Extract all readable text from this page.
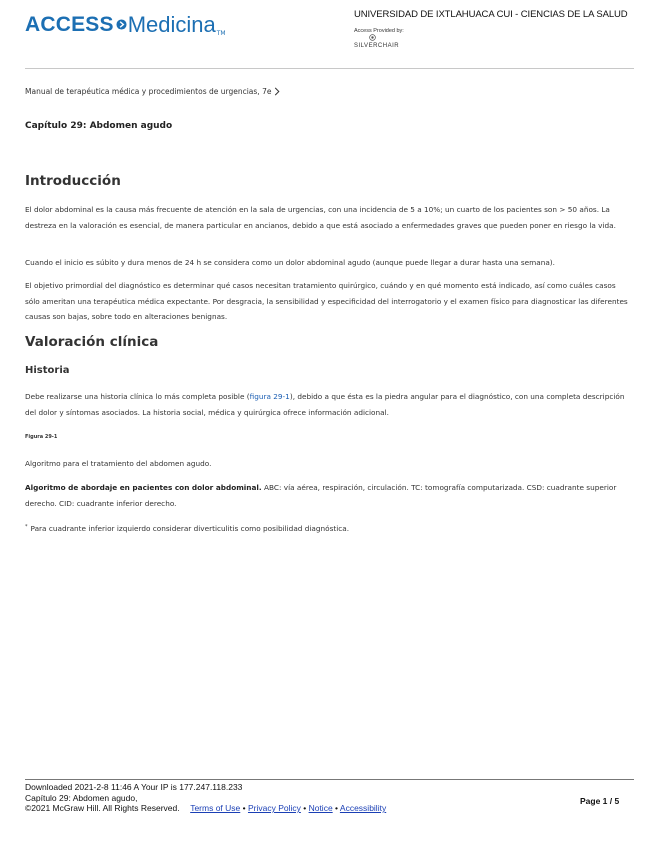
ACCESS Medicina TM
UNIVERSIDAD DE IXTLAHUACA CUI - CIENCIAS DE LA SALUD
Access Provided by:
SILVERCHAIR
Manual de terapéutica médica y procedimientos de urgencias, 7e
Capítulo 29: Abdomen agudo
Introducción
El dolor abdominal es la causa más frecuente de atención en la sala de urgencias, con una incidencia de 5 a 10%; un cuarto de los pacientes son > 50 años. La destreza en la valoración es esencial, de manera particular en ancianos, debido a que está asociado a enfermedades graves que pueden poner en riesgo la vida.
Cuando el inicio es súbito y dura menos de 24 h se considera como un dolor abdominal agudo (aunque puede llegar a durar hasta una semana).
El objetivo primordial del diagnóstico es determinar qué casos necesitan tratamiento quirúrgico, cuándo y en qué momento está indicado, así como cuáles casos sólo ameritan una terapéutica médica expectante. Por desgracia, la sensibilidad y especificidad del interrogatorio y el examen físico para diagnosticar las diferentes causas son bajas, sobre todo en alteraciones benignas.
Valoración clínica
Historia
Debe realizarse una historia clínica lo más completa posible (figura 29-1), debido a que ésta es la piedra angular para el diagnóstico, con una completa descripción del dolor y síntomas asociados. La historia social, médica y quirúrgica ofrece información adicional.
Figura 29-1
Algoritmo para el tratamiento del abdomen agudo.
Algoritmo de abordaje en pacientes con dolor abdominal. ABC: vía aérea, respiración, circulación. TC: tomografía computarizada. CSD: cuadrante superior derecho. CID: cuadrante inferior derecho.
* Para cuadrante inferior izquierdo considerar diverticulitis como posibilidad diagnóstica.
Downloaded 2021-2-8 11:46 A Your IP is 177.247.118.233
Capítulo 29: Abdomen agudo,
©2021 McGraw Hill. All Rights Reserved. Terms of Use • Privacy Policy • Notice • Accessibility
Page 1 / 5
